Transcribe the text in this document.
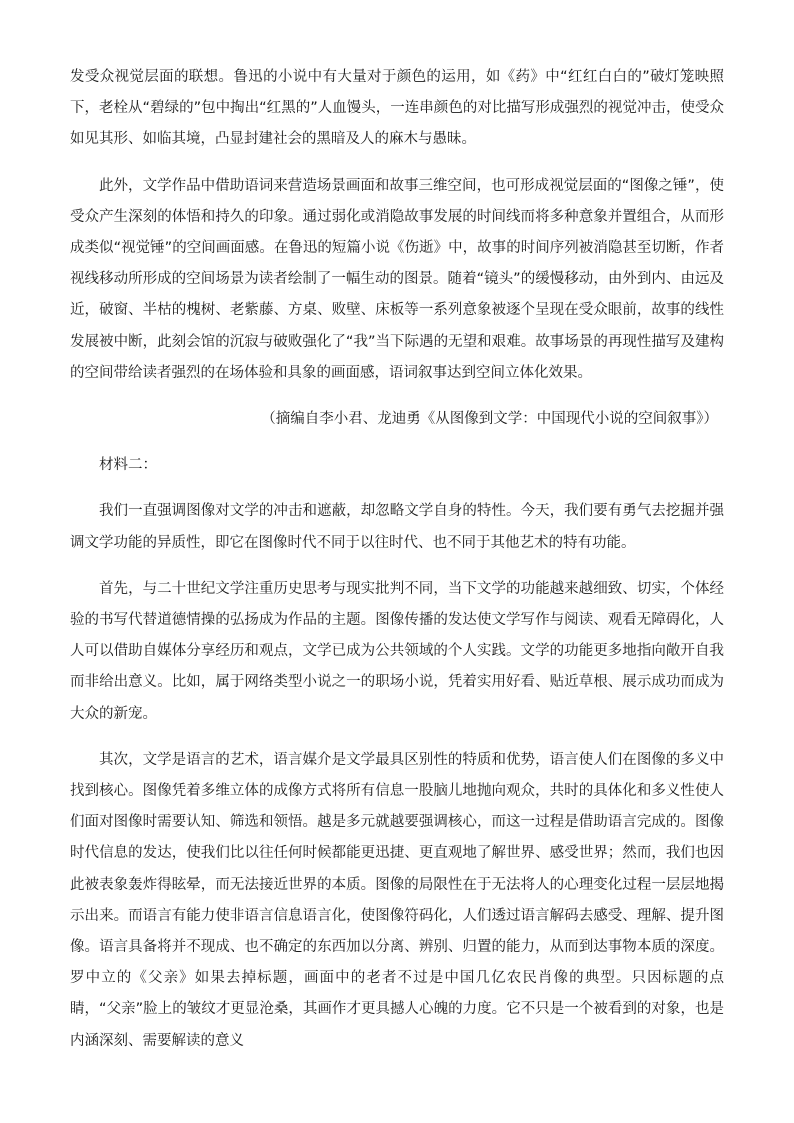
发受众视觉层面的联想。鲁迅的小说中有大量对于颜色的运用，如《药》中“红红白白的”破灯笼映照下，老栓从“碧绿的”包中掏出“红黑的”人血馒头，一连串颜色的对比描写形成强烈的视觉冲击，使受众如见其形、如临其境，凸显封建社会的黑暗及人的麻木与愚昧。

此外，文学作品中借助语词来营造场景画面和故事三维空间，也可形成视觉层面的“图像之锤”，使受众产生深刻的体悟和持久的印象。通过弱化或消隐故事发展的时间线而将多种意象并置组合，从而形成类似“视觉锤”的空间画面感。在鲁迅的短篇小说《伤逝》中，故事的时间序列被消隐甚至切断，作者视线移动所形成的空间场景为读者绘制了一幅生动的图景。随着“镜头”的缓慢移动，由外到内、由远及近，破窗、半枯的槐树、老紫藤、方桌、败壁、床板等一系列意象被逐个呈现在受众眼前，故事的线性发展被中断，此刻会馆的沉寂与破败强化了“我”当下际遇的无望和艰难。故事场景的再现性描写及建构的空间带给读者强烈的在场体验和具象的画面感，语词叙事达到空间立体化效果。

（摘编自李小君、龙迪勇《从图像到文学：中国现代小说的空间叙事》）

材料二：

我们一直强调图像对文学的冲击和遮蔽，却忽略文学自身的特性。今天，我们要有勇气去挖掘并强调文学功能的异质性，即它在图像时代不同于以往时代、也不同于其他艺术的特有功能。

首先，与二十世纪文学注重历史思考与现实批判不同，当下文学的功能越来越细致、切实，个体经验的书写代替道德情操的弘扬成为作品的主题。图像传播的发达使文学写作与阅读、观看无障碍化，人人可以借助自媒体分享经历和观点，文学已成为公共领域的个人实践。文学的功能更多地指向敞开自我而非给出意义。比如，属于网络类型小说之一的职场小说，凭着实用好看、贴近草根、展示成功而成为大众的新宠。

其次，文学是语言的艺术，语言媒介是文学最具区别性的特质和优势，语言使人们在图像的多义中找到核心。图像凭着多维立体的成像方式将所有信息一股脑儿地抛向观众，共时的具体化和多义性使人们面对图像时需要认知、筛选和领悟。越是多元就越要强调核心，而这一过程是借助语言完成的。图像时代信息的发达，使我们比以往任何时候都能更迅捷、更直观地了解世界、感受世界；然而，我们也因此被表象轰炸得眩晕，而无法接近世界的本质。图像的局限性在于无法将人的心理变化过程一层层地揭示出来。而语言有能力使非语言信息语言化，使图像符码化，人们透过语言解码去感受、理解、提升图像。语言具备将并不现成、也不确定的东西加以分离、辨别、归置的能力，从而到达事物本质的深度。罗中立的《父亲》如果去掉标题，画面中的老者不过是中国几亿农民肖像的典型。只因标题的点睛，“父亲”脸上的皱纹才更显沧桑，其画作才更具撼人心魄的力度。它不只是一个被看到的对象，也是内涵深刻、需要解读的意义
